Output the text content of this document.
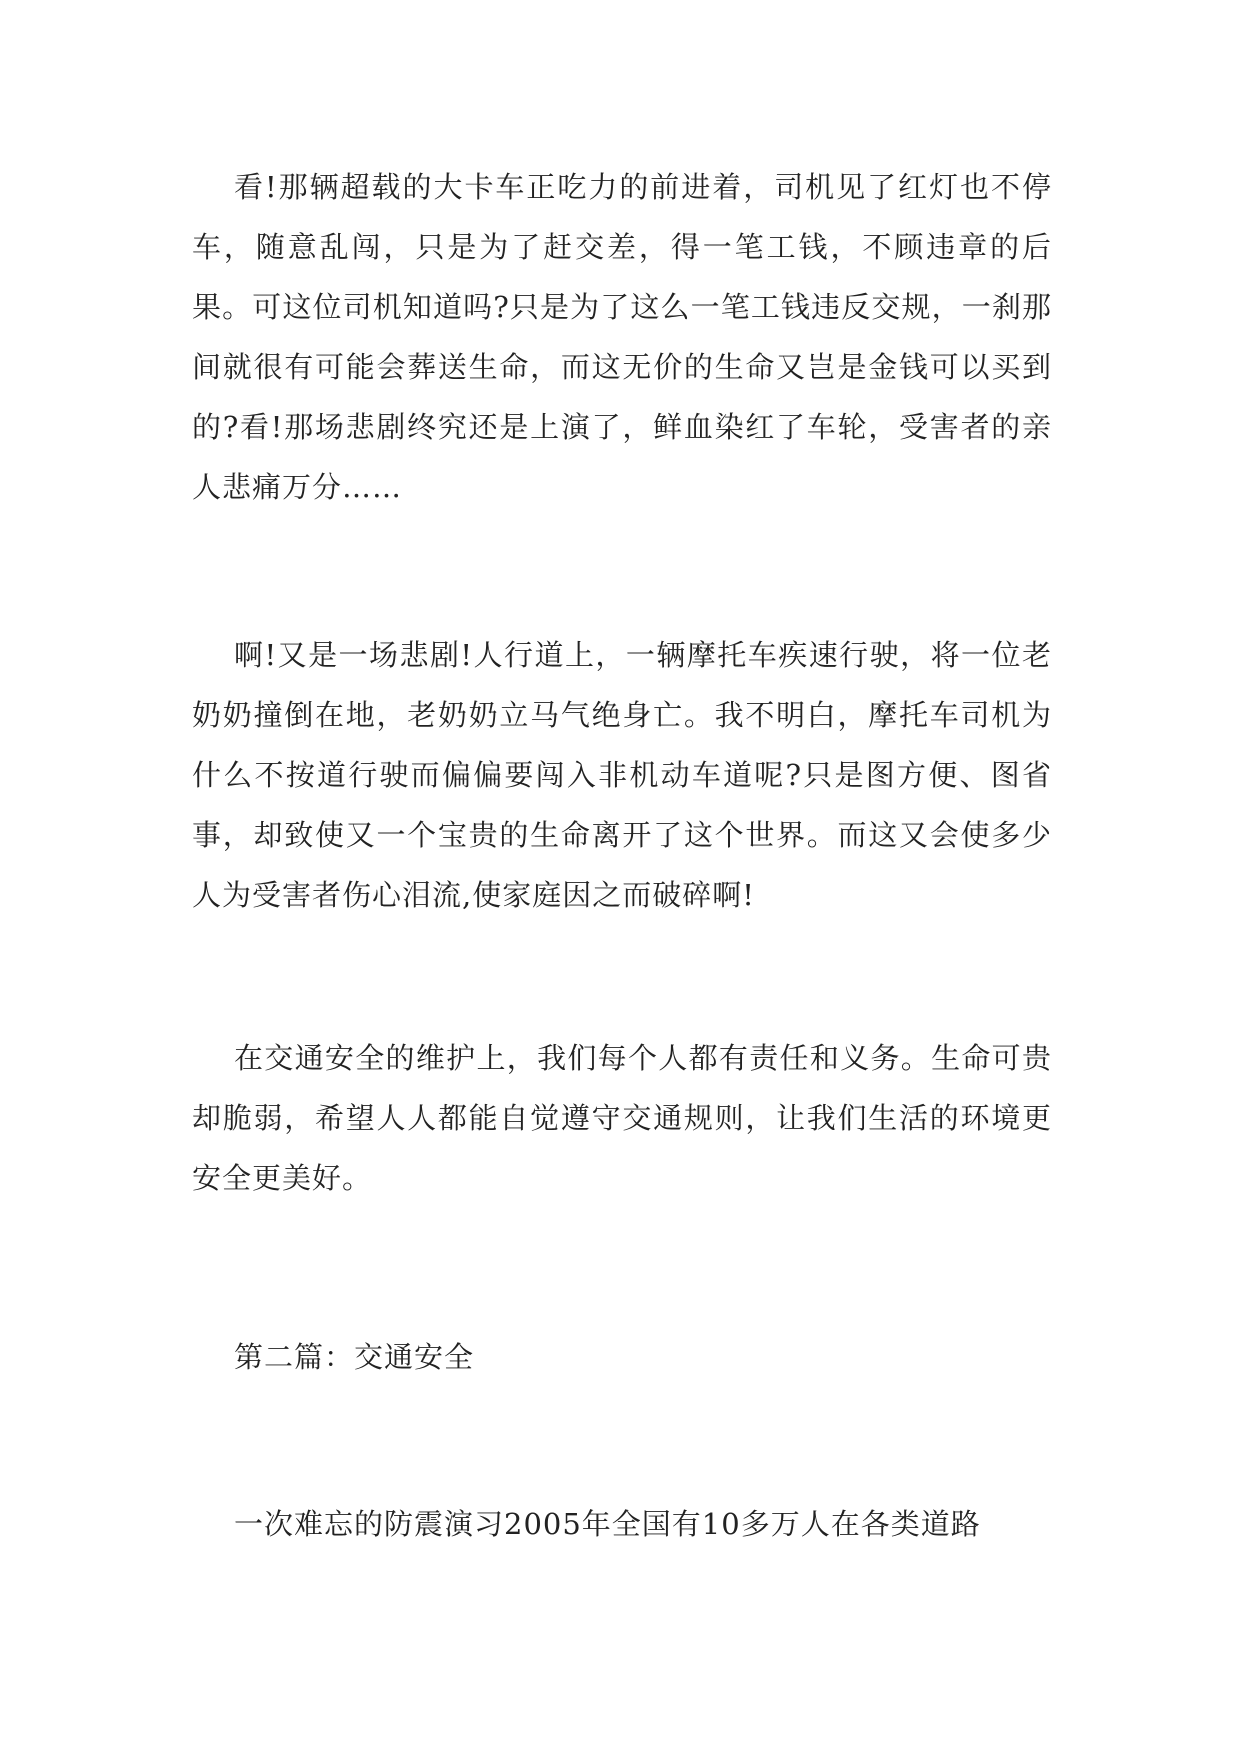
看!那辆超载的大卡车正吃力的前进着，司机见了红灯也不停车，随意乱闯，只是为了赶交差，得一笔工钱，不顾违章的后果。可这位司机知道吗?只是为了这么一笔工钱违反交规，一刹那间就很有可能会葬送生命，而这无价的生命又岂是金钱可以买到的?看!那场悲剧终究还是上演了，鲜血染红了车轮，受害者的亲人悲痛万分……

啊!又是一场悲剧!人行道上，一辆摩托车疾速行驶，将一位老奶奶撞倒在地，老奶奶立马气绝身亡。我不明白，摩托车司机为什么不按道行驶而偏偏要闯入非机动车道呢?只是图方便、图省事，却致使又一个宝贵的生命离开了这个世界。而这又会使多少人为受害者伤心泪流,使家庭因之而破碎啊!

在交通安全的维护上，我们每个人都有责任和义务。生命可贵却脆弱，希望人人都能自觉遵守交通规则，让我们生活的环境更安全更美好。

第二篇：交通安全

一次难忘的防震演习2005年全国有10多万人在各类道路
